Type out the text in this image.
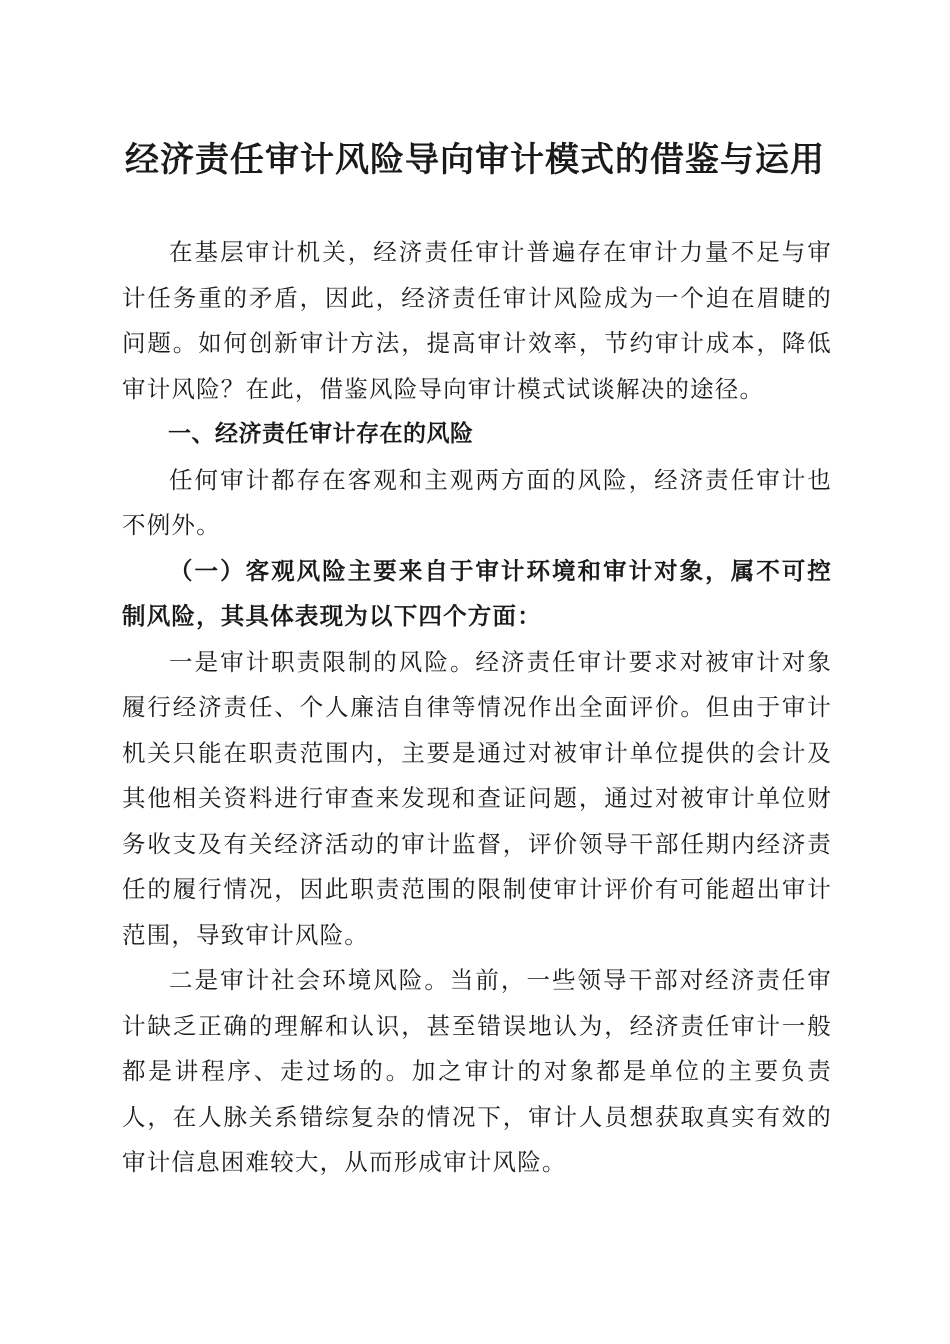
经济责任审计风险导向审计模式的借鉴与运用

在基层审计机关，经济责任审计普遍存在审计力量不足与审计任务重的矛盾，因此，经济责任审计风险成为一个迫在眉睫的问题。如何创新审计方法，提高审计效率，节约审计成本，降低审计风险？在此，借鉴风险导向审计模式试谈解决的途径。

一、经济责任审计存在的风险

任何审计都存在客观和主观两方面的风险，经济责任审计也不例外。

（一）客观风险主要来自于审计环境和审计对象，属不可控制风险，其具体表现为以下四个方面：

一是审计职责限制的风险。经济责任审计要求对被审计对象履行经济责任、个人廉洁自律等情况作出全面评价。但由于审计机关只能在职责范围内，主要是通过对被审计单位提供的会计及其他相关资料进行审查来发现和查证问题，通过对被审计单位财务收支及有关经济活动的审计监督，评价领导干部任期内经济责任的履行情况，因此职责范围的限制使审计评价有可能超出审计范围，导致审计风险。

二是审计社会环境风险。当前，一些领导干部对经济责任审计缺乏正确的理解和认识，甚至错误地认为，经济责任审计一般都是讲程序、走过场的。加之审计的对象都是单位的主要负责人，在人脉关系错综复杂的情况下，审计人员想获取真实有效的审计信息困难较大，从而形成审计风险。
